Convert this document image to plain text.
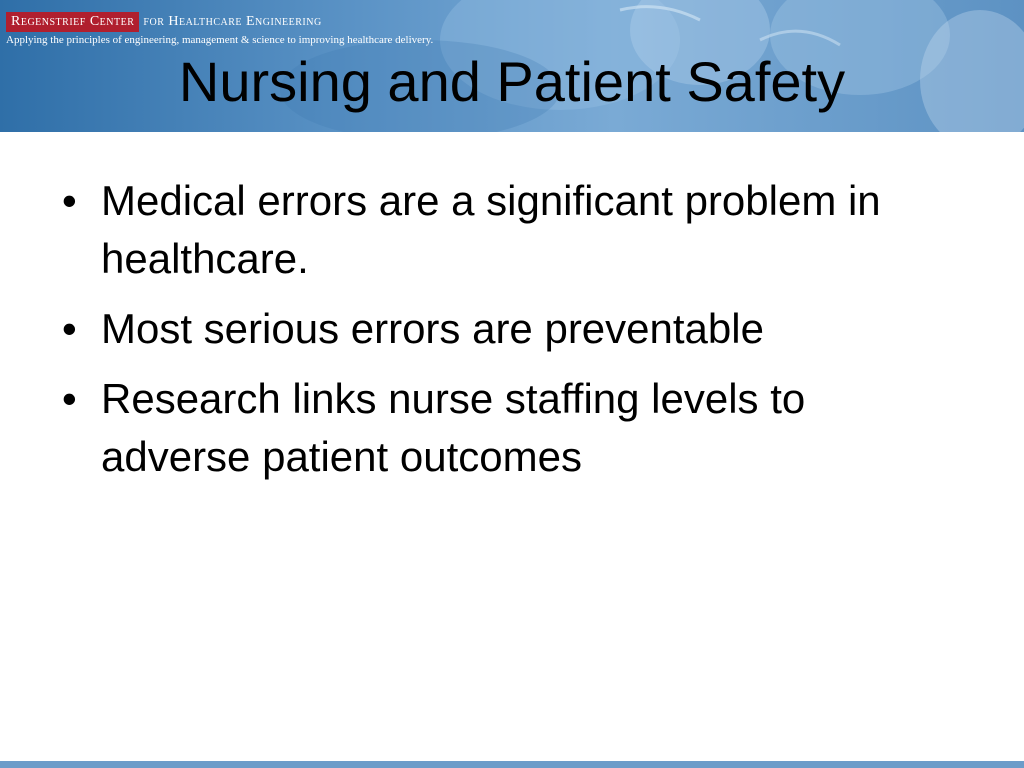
Regenstrief Center for Healthcare Engineering
Applying the principles of engineering, management & science to improving healthcare delivery.
Nursing and Patient Safety
• Medical errors are a significant problem in healthcare.
• Most serious errors are preventable
• Research links nurse staffing levels to adverse patient outcomes
